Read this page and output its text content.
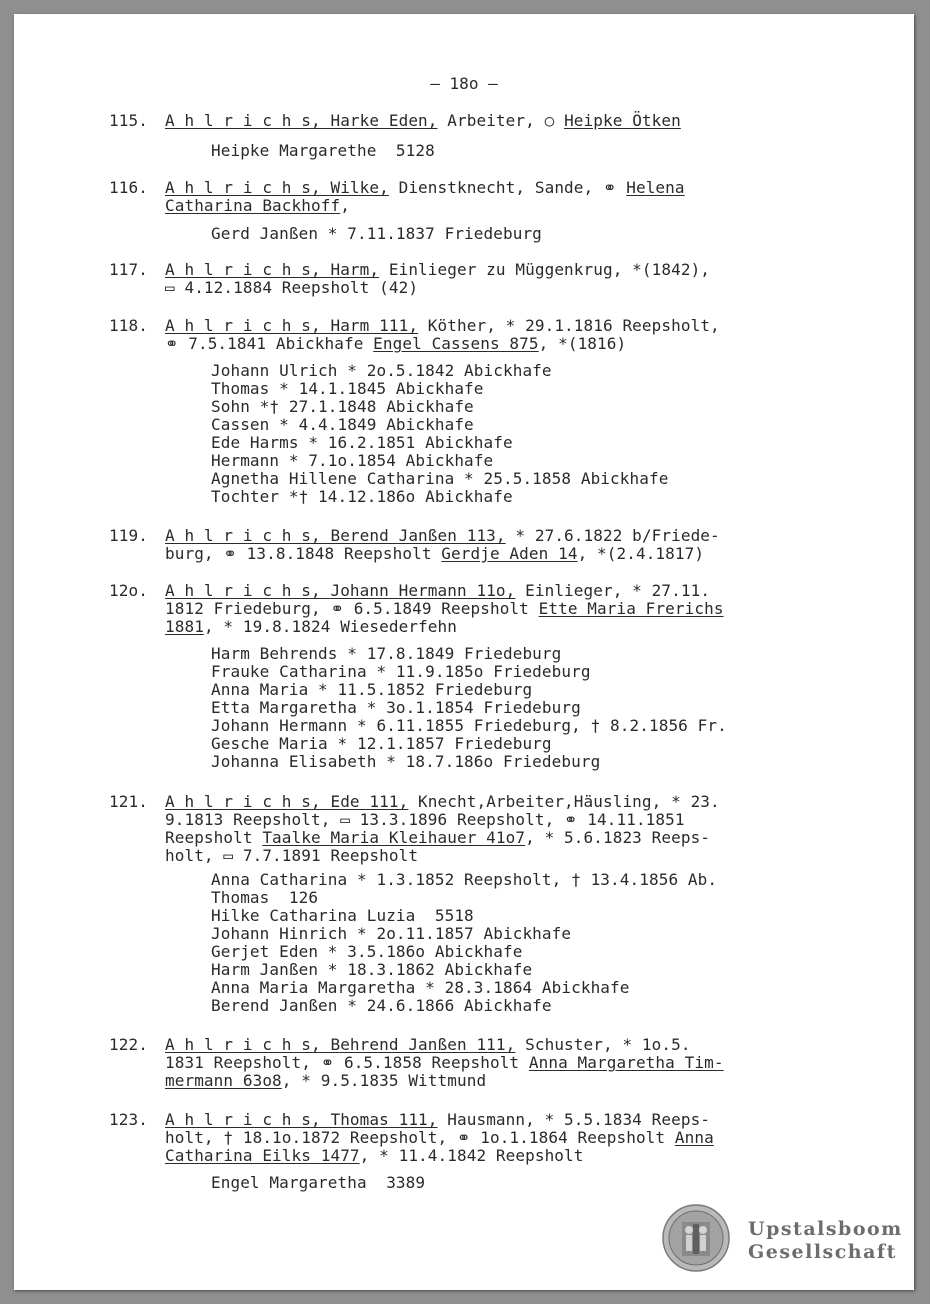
– 18o –
115. A h l r i c h s, Harke Eden, Arbeiter, ○ Heipke Ötken
Heipke Margarethe  5128
116. A h l r i c h s, Wilke, Dienstknecht, Sande, ⚭ Helena
Catharina Backhoff,
Gerd Janßen * 7.11.1837 Friedeburg
117. A h l r i c h s, Harm, Einlieger zu Müggenkrug, *(1842),
▭ 4.12.1884 Reepsholt (42)
118. A h l r i c h s, Harm 111, Köther, * 29.1.1816 Reepsholt,
⚭ 7.5.1841 Abickhafe Engel Cassens 875, *(1816)
Johann Ulrich * 2o.5.1842 Abickhafe
Thomas * 14.1.1845 Abickhafe
Sohn *† 27.1.1848 Abickhafe
Cassen * 4.4.1849 Abickhafe
Ede Harms * 16.2.1851 Abickhafe
Hermann * 7.1o.1854 Abickhafe
Agnetha Hillene Catharina * 25.5.1858 Abickhafe
Tochter *† 14.12.186o Abickhafe
119. A h l r i c h s, Berend Janßen 113, * 27.6.1822 b/Friede-
burg, ⚭ 13.8.1848 Reepsholt Gerdje Aden 14, *(2.4.1817)
12o. A h l r i c h s, Johann Hermann 11o, Einlieger, * 27.11.
1812 Friedeburg, ⚭ 6.5.1849 Reepsholt Ette Maria Frerichs
1881, * 19.8.1824 Wiesederfehn
Harm Behrends * 17.8.1849 Friedeburg
Frauke Catharina * 11.9.185o Friedeburg
Anna Maria * 11.5.1852 Friedeburg
Etta Margaretha * 3o.1.1854 Friedeburg
Johann Hermann * 6.11.1855 Friedeburg, † 8.2.1856 Fr.
Gesche Maria * 12.1.1857 Friedeburg
Johanna Elisabeth * 18.7.186o Friedeburg
121. A h l r i c h s, Ede 111, Knecht,Arbeiter,Häusling, * 23.
9.1813 Reepsholt, ▭ 13.3.1896 Reepsholt, ⚭ 14.11.1851
Reepsholt Taalke Maria Kleihauer 41o7, * 5.6.1823 Reeps-
holt, ▭ 7.7.1891 Reepsholt
Anna Catharina * 1.3.1852 Reepsholt, † 13.4.1856 Ab.
Thomas  126
Hilke Catharina Luzia  5518
Johann Hinrich * 2o.11.1857 Abickhafe
Gerjet Eden * 3.5.186o Abickhafe
Harm Janßen * 18.3.1862 Abickhafe
Anna Maria Margaretha * 28.3.1864 Abickhafe
Berend Janßen * 24.6.1866 Abickhafe
122. A h l r i c h s, Behrend Janßen 111, Schuster, * 1o.5.
1831 Reepsholt, ⚭ 6.5.1858 Reepsholt Anna Margaretha Tim-
mermann 63o8, * 9.5.1835 Wittmund
123. A h l r i c h s, Thomas 111, Hausmann, * 5.5.1834 Reeps-
holt, † 18.1o.1872 Reepsholt, ⚭ 1o.1.1864 Reepsholt Anna
Catharina Eilks 1477, * 11.4.1842 Reepsholt
Engel Margaretha  3389
Upstalsboom
Gesellschaft
